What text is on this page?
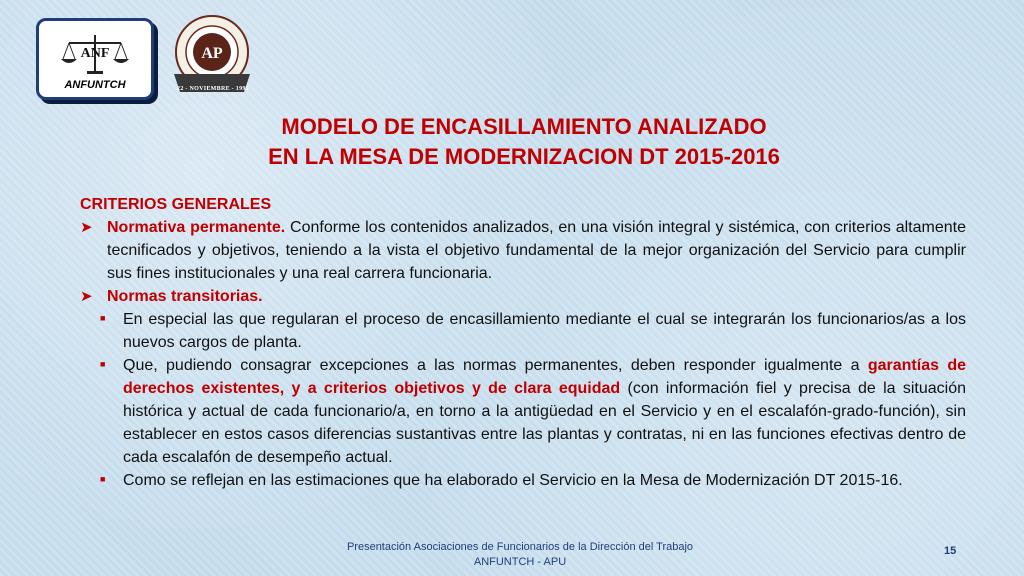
ANF
ANFUNTCH
AP
22 - NOVIEMBRE - 1995
MODELO DE ENCASILLAMIENTO ANALIZADO
EN LA MESA DE MODERNIZACION DT 2015-2016
CRITERIOS GENERALES
➤ Normativa permanente. Conforme los contenidos analizados, en una visión integral y sistémica, con criterios altamente tecnificados y objetivos, teniendo a la vista el objetivo fundamental de la mejor organización del Servicio para cumplir sus fines institucionales y una real carrera funcionaria.
➤ Normas transitorias.
■ En especial las que regularan el proceso de encasillamiento mediante el cual se integrarán los funcionarios/as a los nuevos cargos de planta.
■ Que, pudiendo consagrar excepciones a las normas permanentes, deben responder igualmente a garantías de derechos existentes, y a criterios objetivos y de clara equidad (con información fiel y precisa de la situación histórica y actual de cada funcionario/a, en torno a la antigüedad en el Servicio y en el escalafón-grado-función), sin establecer en estos casos diferencias sustantivas entre las plantas y contratas, ni en las funciones efectivas dentro de cada escalafón de desempeño actual.
■ Como se reflejan en las estimaciones que ha elaborado el Servicio en la Mesa de Modernización DT 2015-16.
Presentación Asociaciones de Funcionarios de la Dirección del Trabajo
ANFUNTCH - APU
15
